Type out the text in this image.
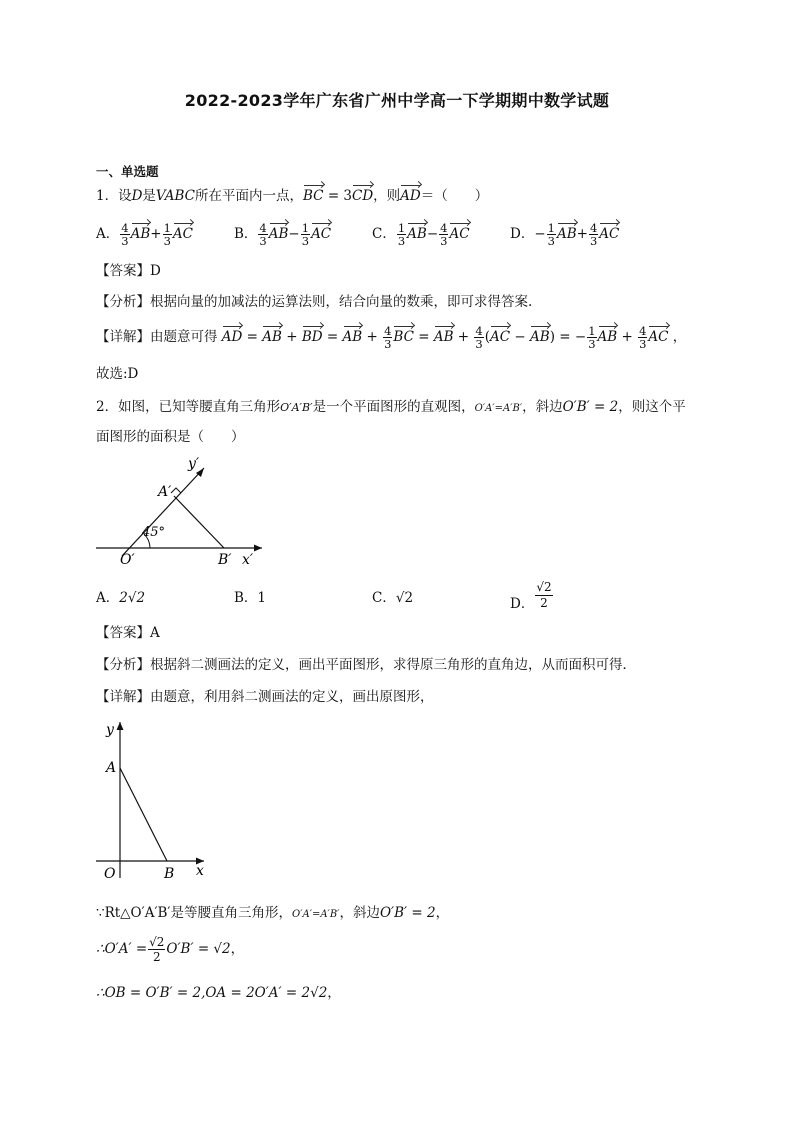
2022-2023学年广东省广州中学高一下学期期中数学试题
一、单选题
1．设D是VABC所在平面内一点，BC = 3CD，则AD＝（　　）
A． $\frac{4}{3} AB+ \frac{1}{3}$ AC	B． $\frac{4}{3} AB- \frac{1}{3}$ AC	C． $\frac{1}{3} AB- \frac{4}{3}$ AC	D．− $\frac{1}{3} AB+ \frac{4}{3}$ AC
【答案】D
【分析】根据向量的加减法的运算法则，结合向量的数乘，即可求得答案.
【详解】由题意可得 AD = AB + BD = AB + $\frac{4}{3}$ BC = AB + $\frac{4}{3} (AC - AB)$ = − $\frac{1}{3}$ AB + $\frac{4}{3}$ AC ，
故选:D
2．如图，已知等腰直角三角形O′A′B′是一个平面图形的直观图，O′A′=A′B′，斜边O′B′ = 2，则这个平
面图形的面积是（　　）
y′
A′
45°
O′	B′ x′
A．2√2	B．1	C．√2	D． $\frac{√2}{2}$
【答案】A
【分析】根据斜二测画法的定义，画出平面图形，求得原三角形的直角边，从而面积可得．
【详解】由题意，利用斜二测画法的定义，画出原图形，
y
A
O	B x
∵Rt△O′A′B′是等腰直角三角形，O′A′=A′B′，斜边O′B′ = 2，
∴O′A′ = $\frac{√2}{2} O'B' = √2$，
∴OB = O′B′ = 2,OA = 2O′A′ = 2√2，
